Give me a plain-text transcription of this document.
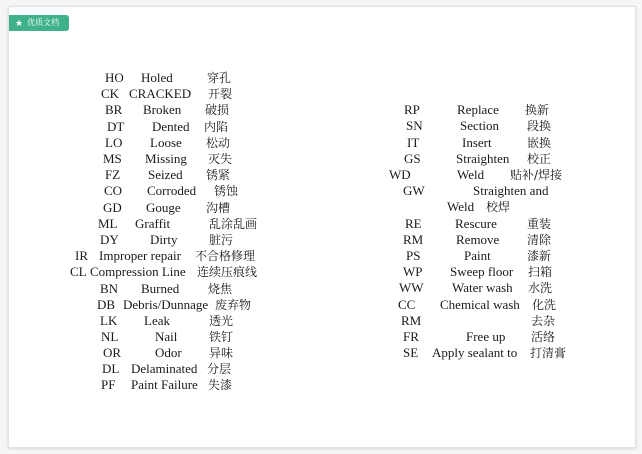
★ 优质文档
HO Holed	穿孔
CK CRACKED 开裂
BR Broken 破损
DT Dented 内陷
LO Loose 松动
MS Missing 灭失
FZ Seized 锈紧
CO Corroded 锈蚀
GD Gouge 沟槽
ML Graffit	乱涂乱画
DY Dirty	脏污
IR Improper repair 不合格修理
CL Compression Line 连续压痕线
BN Burned 烧焦
DB Debris/Dunnage 废弃物
LK Leak	透光
NL	Nail	铁钉
OR	Odor 异味
DL Delaminated 分层
PF Paint Failure 失漆
RP	Replace 换新
SN	Section 段换
IT	Insert	嵌换
GS	Straighten 校正
WD	Weld 贴补/焊接
GW	Straighten and
Weld 校焊
RE	Rescure	重装
RM	Remove 清除
PS	Paint	漆新
WP Sweep floor 扫箱
WW Water wash 水洗
CC Chemical wash 化洗
RM	去杂
FR	Free up 活络
SE Apply sealant to 打清膏
